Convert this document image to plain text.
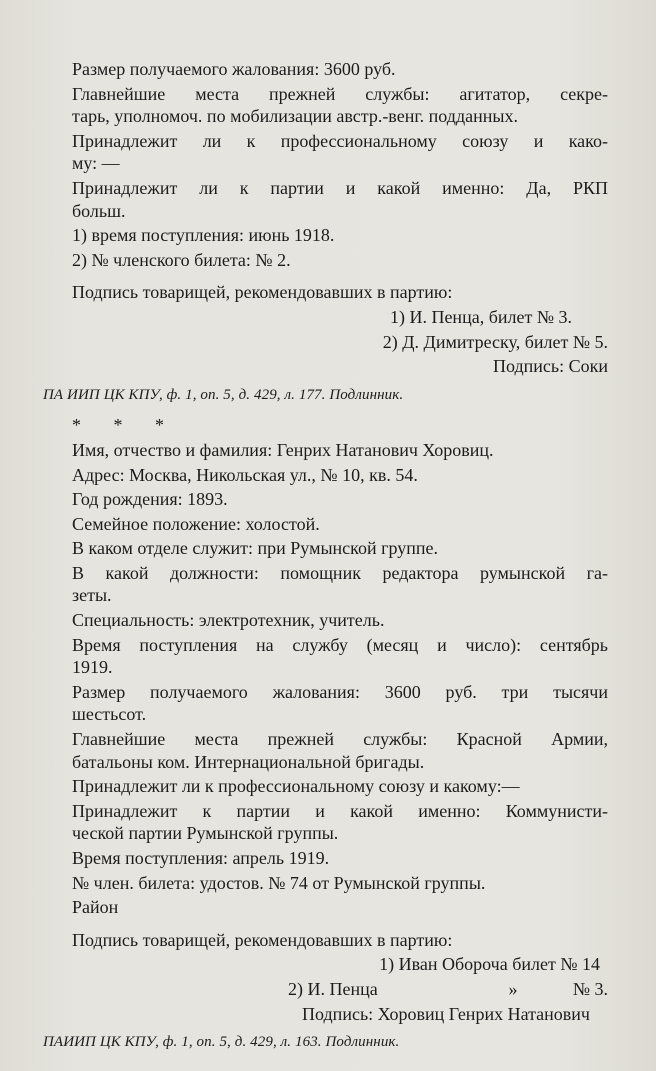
Размер получаемого жалования: 3600 руб.
Главнейшие места прежней службы: агитатор, секре-
тарь, уполномоч. по мобилизации австр.-венг. подданных.
Принадлежит ли к профессиональному союзу и како-
му: —
Принадлежит ли к партии и какой именно: Да, РКП
больш.
1) время поступления: июнь 1918.
2) № членского билета: № 2.
Подпись товарищей, рекомендовавших в партию:
1) И. Пенца, билет № 3.
2) Д. Димитреску, билет № 5.
Подпись: Соки
ПА ИИП ЦК КПУ, ф. 1, оп. 5, д. 429, л. 177. Подлинник.
* * *
Имя, отчество и фамилия: Генрих Натанович Хоровиц.
Адрес: Москва, Никольская ул., № 10, кв. 54.
Год рождения: 1893.
Семейное положение: холостой.
В каком отделе служит: при Румынской группе.
В какой должности: помощник редактора румынской га-
зеты.
Специальность: электротехник, учитель.
Время поступления на службу (месяц и число): сентябрь
1919.
Размер получаемого жалования: 3600 руб. три тысячи
шестьсот.
Главнейшие места прежней службы: Красной Армии,
батальоны ком. Интернациональной бригады.
Принадлежит ли к профессиональному союзу и какому:—
Принадлежит к партии и какой именно: Коммунисти-
ческой партии Румынской группы.
Время поступления: апрель 1919.
№ член. билета: удостов. № 74 от Румынской группы.
Район
Подпись товарищей, рекомендовавших в партию:
1) Иван Оборочa билет № 14
2) И. Пенца	»	№ 3.
Подпись: Хоровиц Генрих Натанович
ПАИИП ЦК КПУ, ф. 1, оп. 5, д. 429, л. 163. Подлинник.
